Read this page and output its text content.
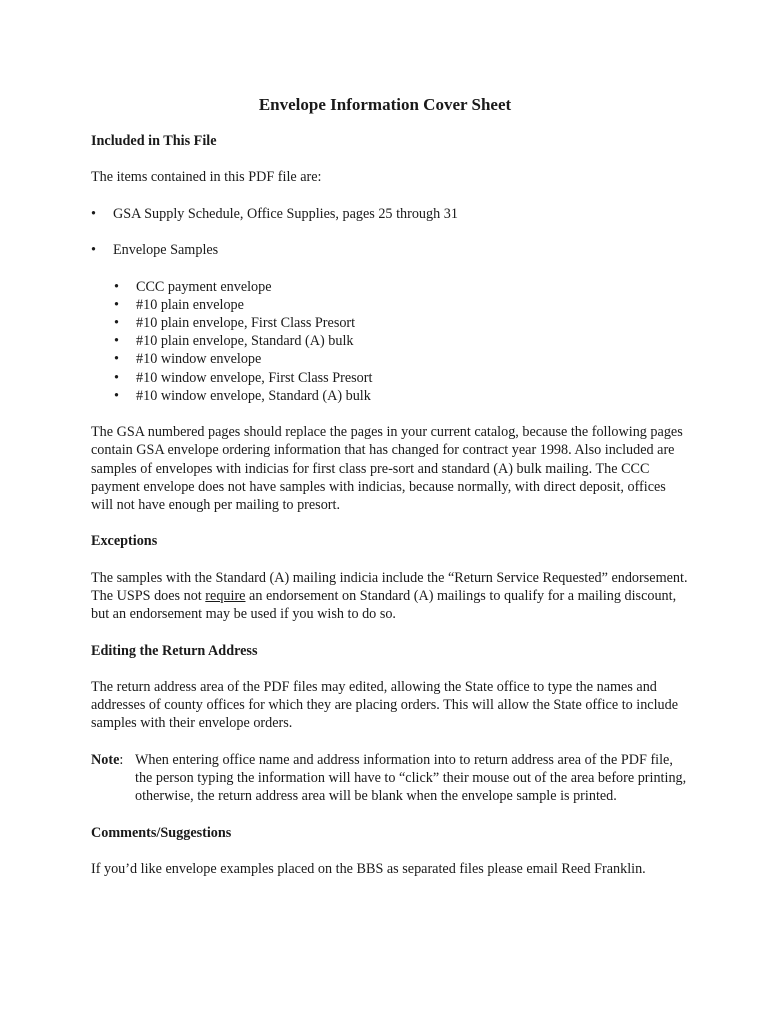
Envelope Information Cover Sheet

Included in This File

The items contained in this PDF file are:

• GSA Supply Schedule, Office Supplies, pages 25 through 31
• Envelope Samples
• CCC payment envelope
• #10 plain envelope
• #10 plain envelope, First Class Presort
• #10 plain envelope, Standard (A) bulk
• #10 window envelope
• #10 window envelope, First Class Presort
• #10 window envelope, Standard (A) bulk

The GSA numbered pages should replace the pages in your current catalog, because the following pages contain GSA envelope ordering information that has changed for contract year 1998. Also included are samples of envelopes with indicias for first class pre-sort and standard (A) bulk mailing. The CCC payment envelope does not have samples with indicias, because normally, with direct deposit, offices will not have enough per mailing to presort.

Exceptions

The samples with the Standard (A) mailing indicia include the “Return Service Requested” endorsement. The USPS does not require an endorsement on Standard (A) mailings to qualify for a mailing discount, but an endorsement may be used if you wish to do so.

Editing the Return Address

The return address area of the PDF files may edited, allowing the State office to type the names and addresses of county offices for which they are placing orders. This will allow the State office to include samples with their envelope orders.

Note: When entering office name and address information into to return address area of the PDF file, the person typing the information will have to “click” their mouse out of the area before printing, otherwise, the return address area will be blank when the envelope sample is printed.

Comments/Suggestions

If you’d like envelope examples placed on the BBS as separated files please email Reed Franklin.
